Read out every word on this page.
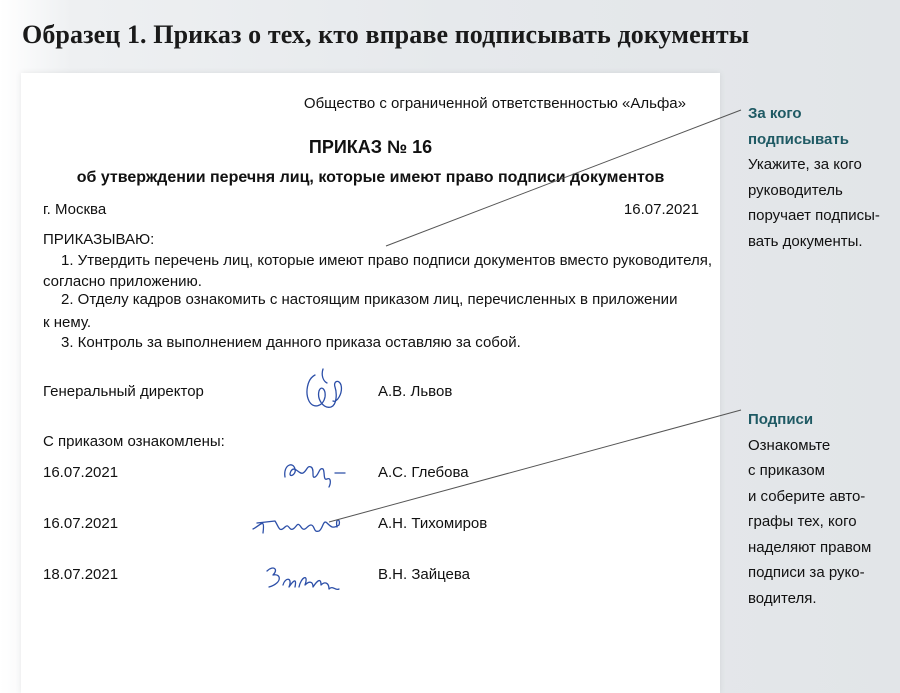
Образец 1. Приказ о тех, кто вправе подписывать документы
Общество с ограниченной ответственностью «Альфа»
ПРИКАЗ № 16
об утверждении перечня лиц, которые имеют право подписи документов
г. Москва	16.07.2021
ПРИКАЗЫВАЮ:
1. Утвердить перечень лиц, которые имеют право подписи документов вместо руководителя,
согласно приложению.
2. Отделу кадров ознакомить с настоящим приказом лиц, перечисленных в приложении
к нему.
3. Контроль за выполнением данного приказа оставляю за собой.
Генеральный директор	А.В. Львов
С приказом ознакомлены:
16.07.2021	А.С. Глебова
16.07.2021	А.Н. Тихомиров
18.07.2021	В.Н. Зайцева
За кого
подписывать
Укажите, за кого
руководитель
поручает подписы-
вать документы.
Подписи
Ознакомьте
с приказом
и соберите авто-
графы тех, кого
наделяют правом
подписи за руко-
водителя.
